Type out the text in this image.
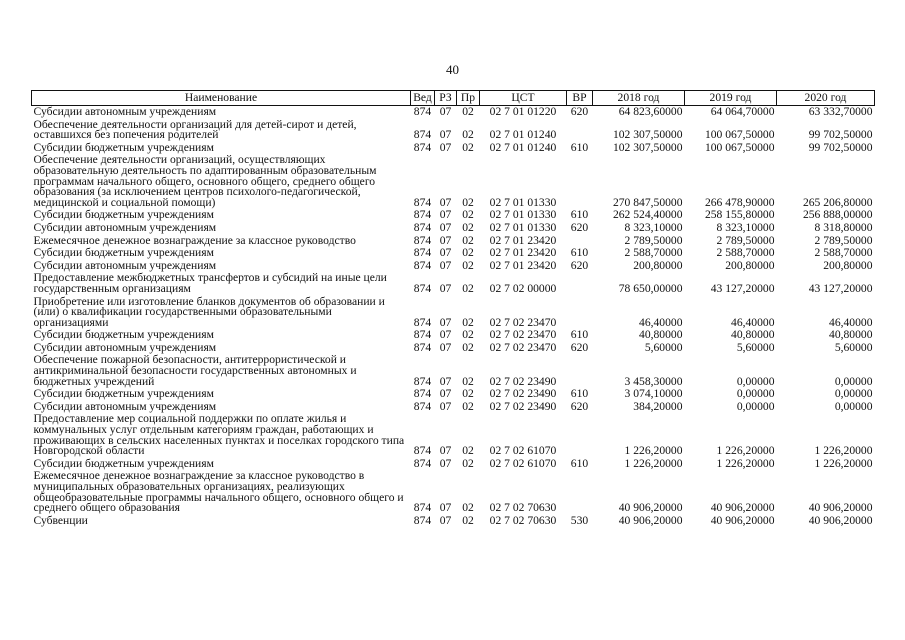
40
Наименование	Вед	РЗ	Пр	ЦСТ	ВР	2018 год	2019 год	2020 год
Субсидии автономным учреждениям	874	07	02	02 7 01 01220	620	64 823,60000	64 064,70000	63 332,70000
Обеспечение деятельности организаций для детей-сирот и детей, оставшихся без попечения родителей	874	07	02	02 7 01 01240		102 307,50000	100 067,50000	99 702,50000
Субсидии бюджетным учреждениям	874	07	02	02 7 01 01240	610	102 307,50000	100 067,50000	99 702,50000
Обеспечение деятельности организаций, осуществляющих образовательную деятельность по адаптированным образовательным программам начального общего, основного общего, среднего общего образования (за исключением центров психолого-педагогической, медицинской и социальной помощи)	874	07	02	02 7 01 01330		270 847,50000	266 478,90000	265 206,80000
Субсидии бюджетным учреждениям	874	07	02	02 7 01 01330	610	262 524,40000	258 155,80000	256 888,00000
Субсидии автономным учреждениям	874	07	02	02 7 01 01330	620	8 323,10000	8 323,10000	8 318,80000
Ежемесячное денежное вознаграждение за классное руководство	874	07	02	02 7 01 23420		2 789,50000	2 789,50000	2 789,50000
Субсидии бюджетным учреждениям	874	07	02	02 7 01 23420	610	2 588,70000	2 588,70000	2 588,70000
Субсидии автономным учреждениям	874	07	02	02 7 01 23420	620	200,80000	200,80000	200,80000
Предоставление межбюджетных трансфертов и субсидий на иные цели государственным организациям	874	07	02	02 7 02 00000		78 650,00000	43 127,20000	43 127,20000
Приобретение или изготовление бланков документов об образовании и (или) о квалификации государственными образовательными организациями	874	07	02	02 7 02 23470		46,40000	46,40000	46,40000
Субсидии бюджетным учреждениям	874	07	02	02 7 02 23470	610	40,80000	40,80000	40,80000
Субсидии автономным учреждениям	874	07	02	02 7 02 23470	620	5,60000	5,60000	5,60000
Обеспечение пожарной безопасности, антитеррористической и антикриминальной безопасности государственных автономных и бюджетных учреждений	874	07	02	02 7 02 23490		3 458,30000	0,00000	0,00000
Субсидии бюджетным учреждениям	874	07	02	02 7 02 23490	610	3 074,10000	0,00000	0,00000
Субсидии автономным учреждениям	874	07	02	02 7 02 23490	620	384,20000	0,00000	0,00000
Предоставление мер социальной поддержки по оплате жилья и коммунальных услуг отдельным категориям граждан, работающих и проживающих в сельских населенных пунктах и поселках городского типа Новгородской области	874	07	02	02 7 02 61070		1 226,20000	1 226,20000	1 226,20000
Субсидии бюджетным учреждениям	874	07	02	02 7 02 61070	610	1 226,20000	1 226,20000	1 226,20000
Ежемесячное денежное вознаграждение за классное руководство в муниципальных образовательных организациях, реализующих общеобразовательные программы начального общего, основного общего и среднего общего образования	874	07	02	02 7 02 70630		40 906,20000	40 906,20000	40 906,20000
Субвенции	874	07	02	02 7 02 70630	530	40 906,20000	40 906,20000	40 906,20000
